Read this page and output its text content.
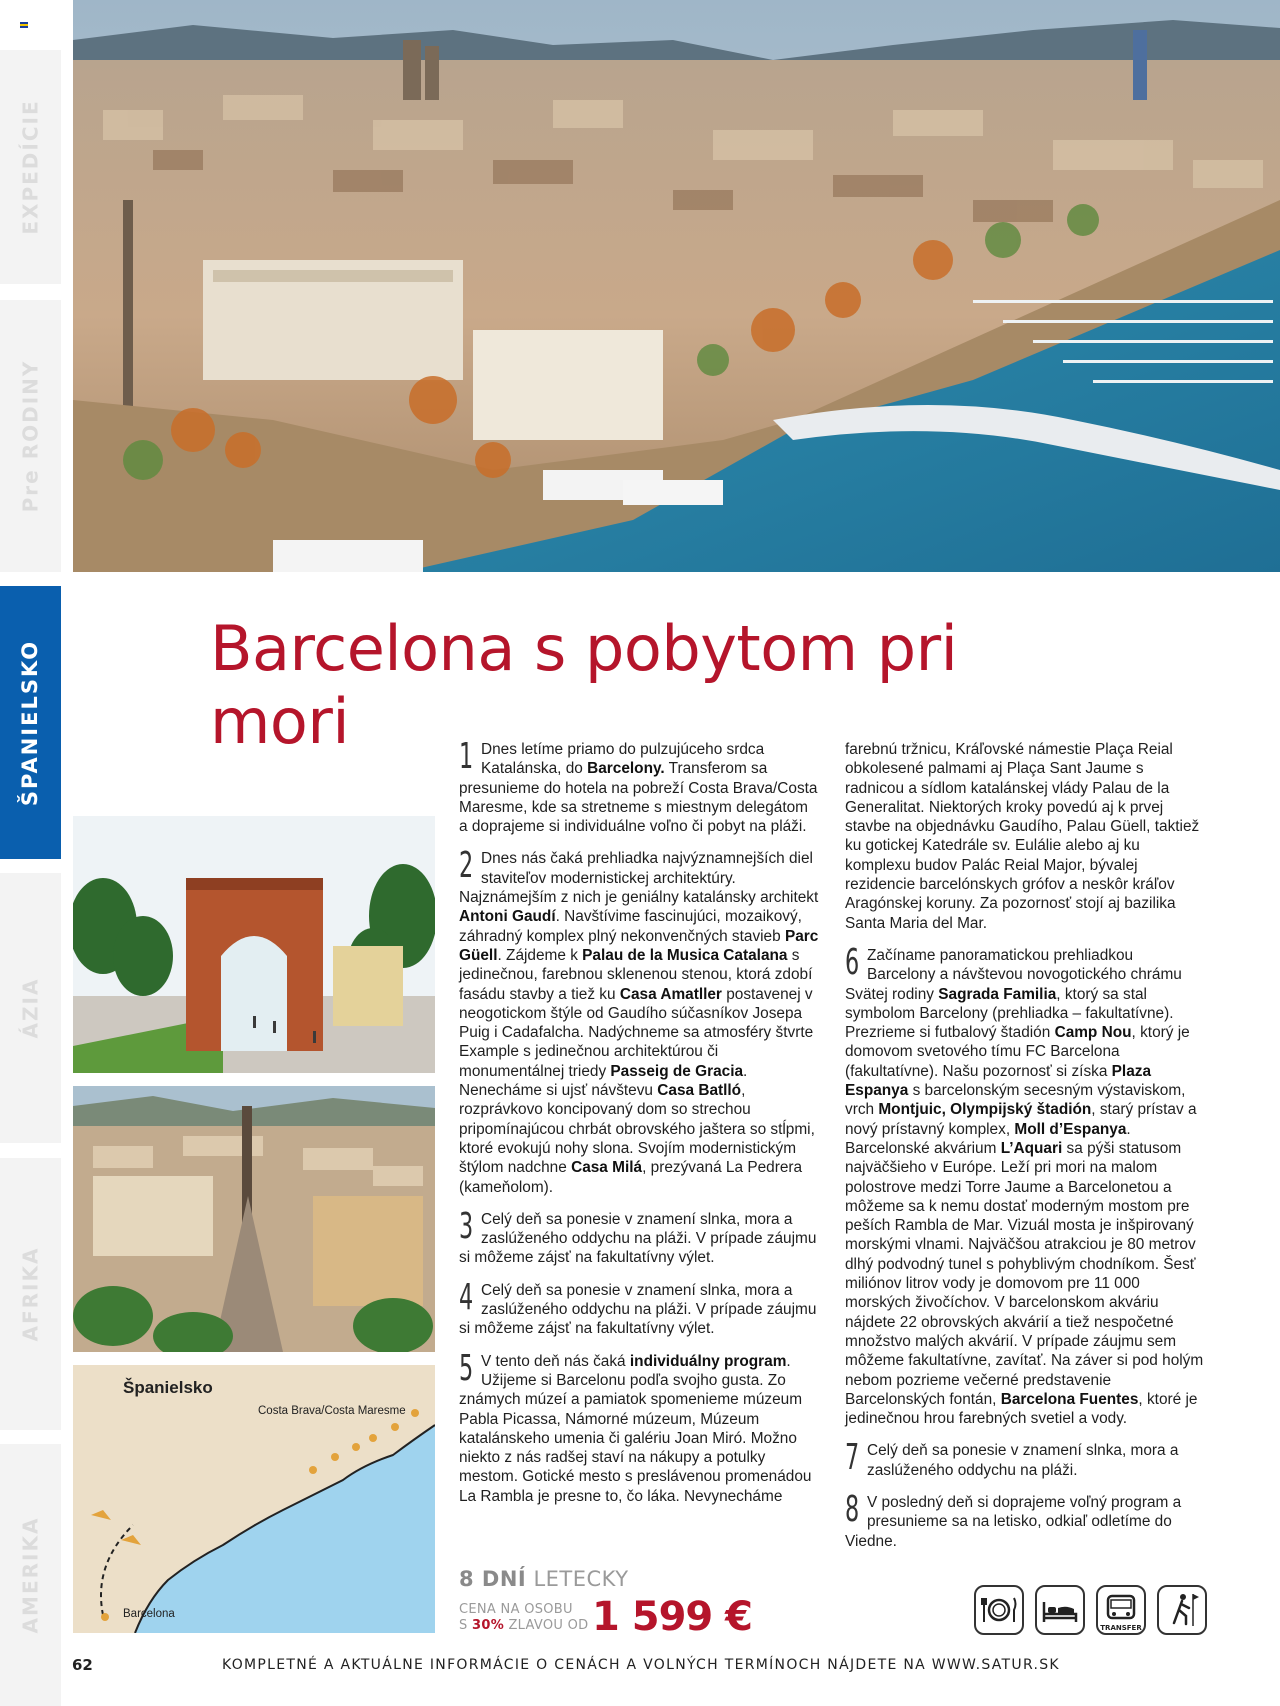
EXPEDÍCIE
Pre RODINY
ŠPANIELSKO
ÁZIA
AFRIKA
AMERIKA
Barcelona s pobytom pri mori
Španielsko
Costa Brava/Costa Maresme
Barcelona
1 Dnes letíme priamo do pulzujúceho srdca Katalánska, do Barcelony. Transferom sa presunieme do hotela na pobreží Costa Brava/Costa Maresme, kde sa stretneme s miestnym delegátom a doprajeme si individuálne voľno či pobyt na pláži.
2 Dnes nás čaká prehliadka najvýznamnejších diel staviteľov modernistickej architektúry. Najznámejším z nich je geniálny katalánsky architekt Antoni Gaudí. Navštívime fascinujúci, mozaikový, záhradný komplex plný nekonvenčných stavieb Parc Güell. Zájdeme k Palau de la Musica Catalana s jedinečnou, farebnou sklenenou stenou, ktorá zdobí fasádu stavby a tiež ku Casa Amatller postavenej v neogotickom štýle od Gaudího súčasníkov Josepa Puig i Cadafalcha. Nadýchneme sa atmosféry štvrte Example s jedinečnou architektúrou či monumentálnej triedy Passeig de Gracia. Nenecháme si ujsť návštevu Casa Batlló, rozprávkovo koncipovaný dom so strechou pripomínajúcou chrbát obrovského jaštera so stĺpmi, ktoré evokujú nohy slona. Svojím modernistickým štýlom nadchne Casa Milá, prezývaná La Pedrera (kameňolom).
3 Celý deň sa ponesie v znamení slnka, mora a zaslúženého oddychu na pláži. V prípade záujmu si môžeme zájsť na fakultatívny výlet.
4 Celý deň sa ponesie v znamení slnka, mora a zaslúženého oddychu na pláži. V prípade záujmu si môžeme zájsť na fakultatívny výlet.
5 V tento deň nás čaká individuálny program. Užijeme si Barcelonu podľa svojho gusta. Zo známych múzeí a pamiatok spomenieme múzeum Pabla Picassa, Námorné múzeum, Múzeum katalánskeho umenia či galériu Joan Miró. Možno niekto z nás radšej staví na nákupy a potulky mestom. Gotické mesto s preslávenou promenádou La Rambla je presne to, čo láka. Nevynecháme
farebnú tržnicu, Kráľovské námestie Plaça Reial obkolesené palmami aj Plaça Sant Jaume s radnicou a sídlom katalánskej vlády Palau de la Generalitat. Niektorých kroky povedú aj k prvej stavbe na objednávku Gaudího, Palau Güell, taktiež ku gotickej Katedrále sv. Eulálie alebo aj ku komplexu budov Palác Reial Major, bývalej rezidencie barcelónskych grófov a neskôr kráľov Aragónskej koruny. Za pozornosť stojí aj bazilika Santa Maria del Mar.
6 Začíname panoramatickou prehliadkou Barcelony a návštevou novogotického chrámu Svätej rodiny Sagrada Familia, ktorý sa stal symbolom Barcelony (prehliadka – fakultatívne). Prezrieme si futbalový štadión Camp Nou, ktorý je domovom svetového tímu FC Barcelona (fakultatívne). Našu pozornosť si získa Plaza Espanya s barcelonským secesným výstaviskom, vrch Montjuic, Olympijský štadión, starý prístav a nový prístavný komplex, Moll d’Espanya. Barcelonské akvárium L’Aquari sa pýši statusom najväčšieho v Európe. Leží pri mori na malom polostrove medzi Torre Jaume a Barcelonetou a môžeme sa k nemu dostať moderným mostom pre peších Rambla de Mar. Vizuál mosta je inšpirovaný morskými vlnami. Najväčšou atrakciou je 80 metrov dlhý podvodný tunel s pohyblivým chodníkom. Šesť miliónov litrov vody je domovom pre 11 000 morských živočíchov. V barcelonskom akváriu nájdete 22 obrovských akvárií a tiež nespočetné množstvo malých akvárií. V prípade záujmu sem môžeme fakultatívne, zavítať. Na záver si pod holým nebom pozrieme večerné predstavenie Barcelonských fontán, Barcelona Fuentes, ktoré je jedinečnou hrou farebných svetiel a vody.
7 Celý deň sa ponesie v znamení slnka, mora a zaslúženého oddychu na pláži.
8 V posledný deň si doprajeme voľný program a presunieme sa na letisko, odkiaľ odletíme do Viedne.
8 DNÍ LETECKY
CENA NA OSOBU
S 30% ZLAVOU OD 1 599 €	TRANSFER
62	KOMPLETNÉ A AKTUÁLNE INFORMÁCIE O CENÁCH A VOLNÝCH TERMÍNOCH NÁJDETE NA WWW.SATUR.SK
